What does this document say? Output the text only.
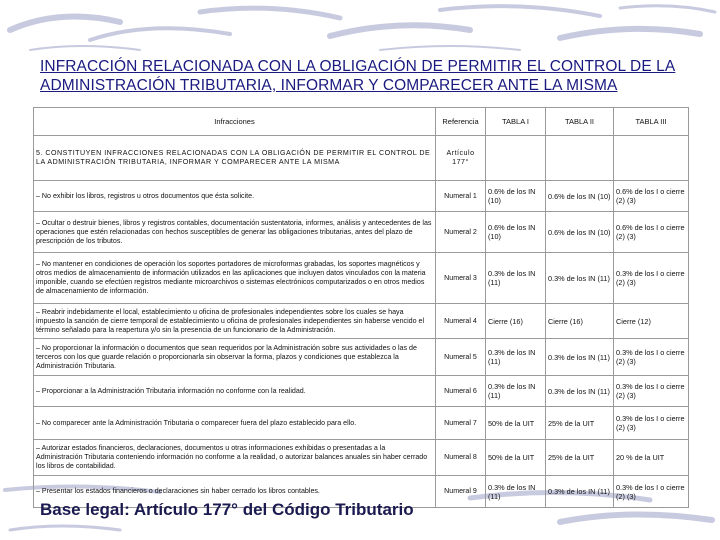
INFRACCIÓN RELACIONADA CON LA OBLIGACIÓN DE PERMITIR EL CONTROL DE LA ADMINISTRACIÓN TRIBUTARIA, INFORMAR Y COMPARECER ANTE LA MISMA
Infracciones	Referencia	TABLA I	TABLA II	TABLA III
5. CONSTITUYEN INFRACCIONES RELACIONADAS CON LA OBLIGACIÓN DE PERMITIR EL CONTROL DE LA ADMINISTRACIÓN TRIBUTARIA, INFORMAR Y COMPARECER ANTE LA MISMA	Artículo 177°			
– No exhibir los libros, registros u otros documentos que ésta solicite.	Numeral 1	0.6% de los IN (10)	0.6% de los IN (10)	0.6% de los I o cierre (2) (3)
– Ocultar o destruir bienes, libros y registros contables, documentación sustentatoria, informes, análisis y antecedentes de las operaciones que estén relacionadas con hechos susceptibles de generar las obligaciones tributarias, antes del plazo de prescripción de los tributos.	Numeral 2	0.6% de los IN (10)	0.6% de los IN (10)	0.6% de los I o cierre (2) (3)
– No mantener en condiciones de operación los soportes portadores de microformas grabadas, los soportes magnéticos y otros medios de almacenamiento de información utilizados en las aplicaciones que incluyen datos vinculados con la materia imponible, cuando se efectúen registros mediante microarchivos o sistemas electrónicos computarizados o en otros medios de almacenamiento de información.	Numeral 3	0.3% de los IN (11)	0.3% de los IN (11)	0.3% de los I o cierre (2) (3)
– Reabrir indebidamente el local, establecimiento u oficina de profesionales independientes sobre los cuales se haya impuesto la sanción de cierre temporal de establecimiento u oficina de profesionales independientes sin haberse vencido el término señalado para la reapertura y/o sin la presencia de un funcionario de la Administración.	Numeral 4	Cierre (16)	Cierre (16)	Cierre (12)
– No proporcionar la información o documentos que sean requeridos por la Administración sobre sus actividades o las de terceros con los que guarde relación o proporcionarla sin observar la forma, plazos y condiciones que establezca la Administración Tributaria.	Numeral 5	0.3% de los IN (11)	0.3% de los IN (11)	0.3% de los I o cierre (2) (3)
– Proporcionar a la Administración Tributaria información no conforme con la realidad.	Numeral 6	0.3% de los IN (11)	0.3% de los IN (11)	0.3% de los I o cierre (2) (3)
– No comparecer ante la Administración Tributaria o comparecer fuera del plazo establecido para ello.	Numeral 7	50% de la UIT	25% de la UIT	0.3% de los I o cierre (2) (3)
– Autorizar estados financieros, declaraciones, documentos u otras informaciones exhibidas o presentadas a la Administración Tributaria conteniendo información no conforme a la realidad, o autorizar balances anuales sin haber cerrado los libros de contabilidad.	Numeral 8	50% de la UIT	25% de la UIT	20 % de la UIT
– Presentar los estados financieros o declaraciones sin haber cerrado los libros contables.	Numeral 9	0.3% de los IN (11)	0.3% de los IN (11)	0.3% de los I o cierre (2) (3)
Base legal: Artículo 177° del Código Tributario
